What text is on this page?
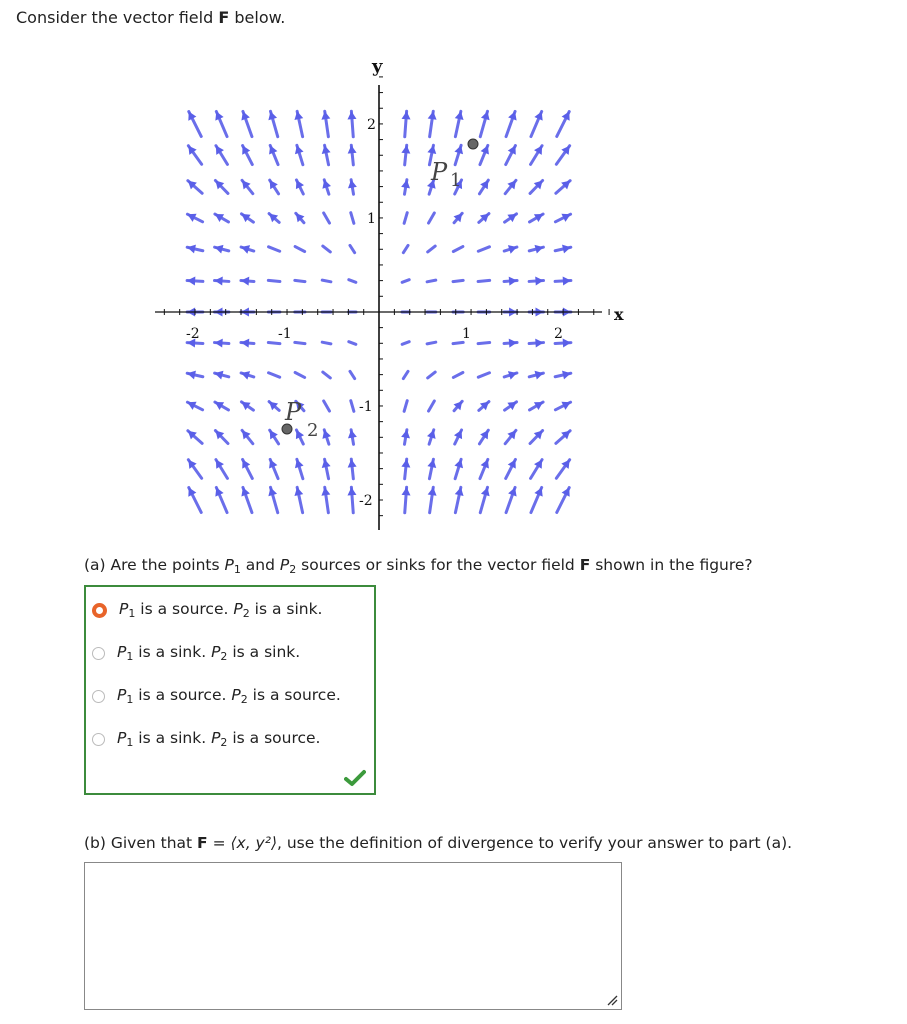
Consider the vector field F below.
y
x
-2	-1	1	2
2
1
-1
-2
P 1
P
2
(a) Are the points $P_1$ and $P_2$ sources or sinks for the vector field F shown in the figure?
$P_1$ is a source. $P_2$ is a sink.
$P_1$ is a sink. $P_2$ is a sink.
$P_1$ is a source. $P_2$ is a source.
$P_1$ is a sink. $P_2$ is a source.
(b) Given that F = ⟨x, y²⟩, use the definition of divergence to verify your answer to part (a).
